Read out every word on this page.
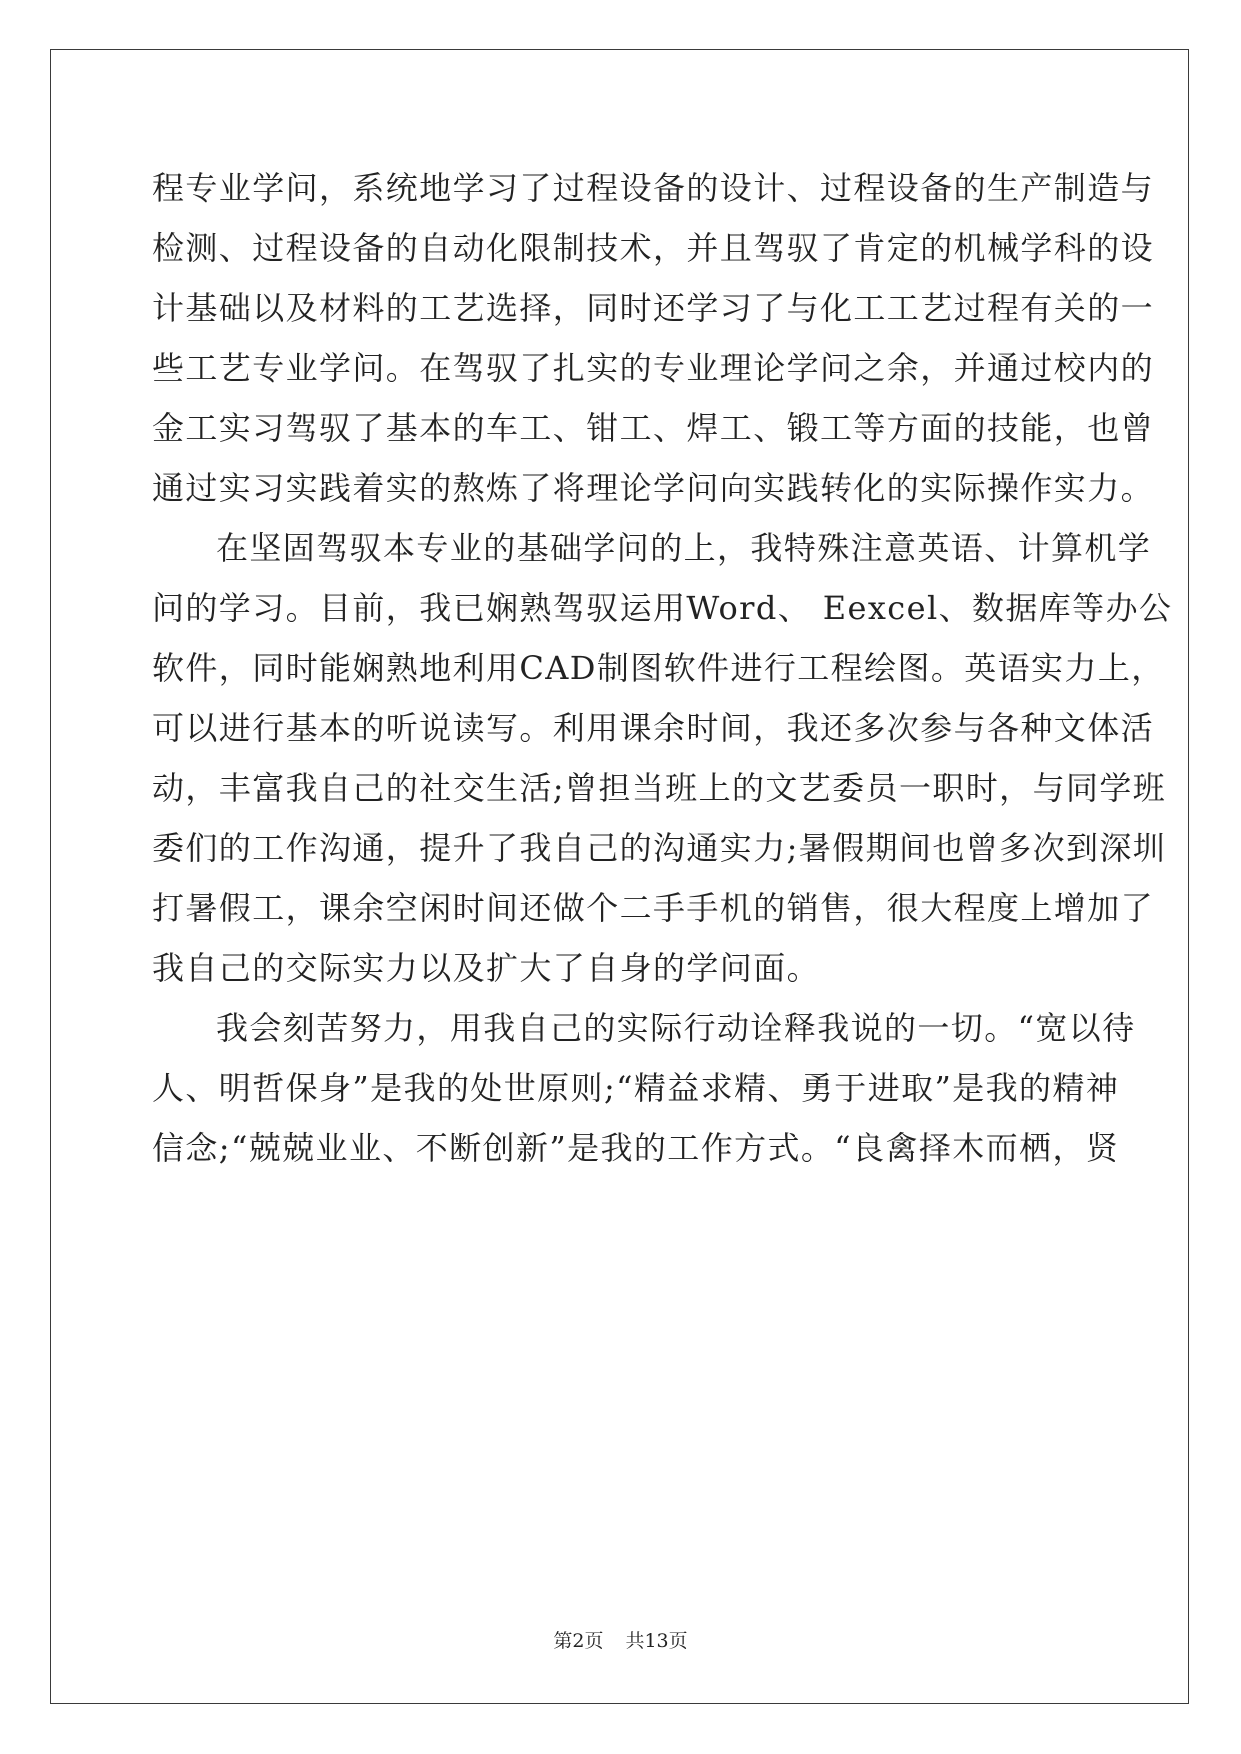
程专业学问，系统地学习了过程设备的设计、过程设备的生产制造与
检测、过程设备的自动化限制技术，并且驾驭了肯定的机械学科的设
计基础以及材料的工艺选择，同时还学习了与化工工艺过程有关的一
些工艺专业学问。在驾驭了扎实的专业理论学问之余，并通过校内的
金工实习驾驭了基本的车工、钳工、焊工、锻工等方面的技能，也曾
通过实习实践着实的熬炼了将理论学问向实践转化的实际操作实力。
在坚固驾驭本专业的基础学问的上，我特殊注意英语、计算机学
问的学习。目前，我已娴熟驾驭运用Word、 Eexcel、数据库等办公
软件，同时能娴熟地利用CAD制图软件进行工程绘图。英语实力上，
可以进行基本的听说读写。利用课余时间，我还多次参与各种文体活
动，丰富我自己的社交生活;曾担当班上的文艺委员一职时，与同学班
委们的工作沟通，提升了我自己的沟通实力;暑假期间也曾多次到深圳
打暑假工，课余空闲时间还做个二手手机的销售，很大程度上增加了
我自己的交际实力以及扩大了自身的学问面。
我会刻苦努力，用我自己的实际行动诠释我说的一切。“宽以待
人、明哲保身”是我的处世原则;“精益求精、勇于进取”是我的精神
信念;“兢兢业业、不断创新”是我的工作方式。“良禽择木而栖，贤
第2页 共13页
